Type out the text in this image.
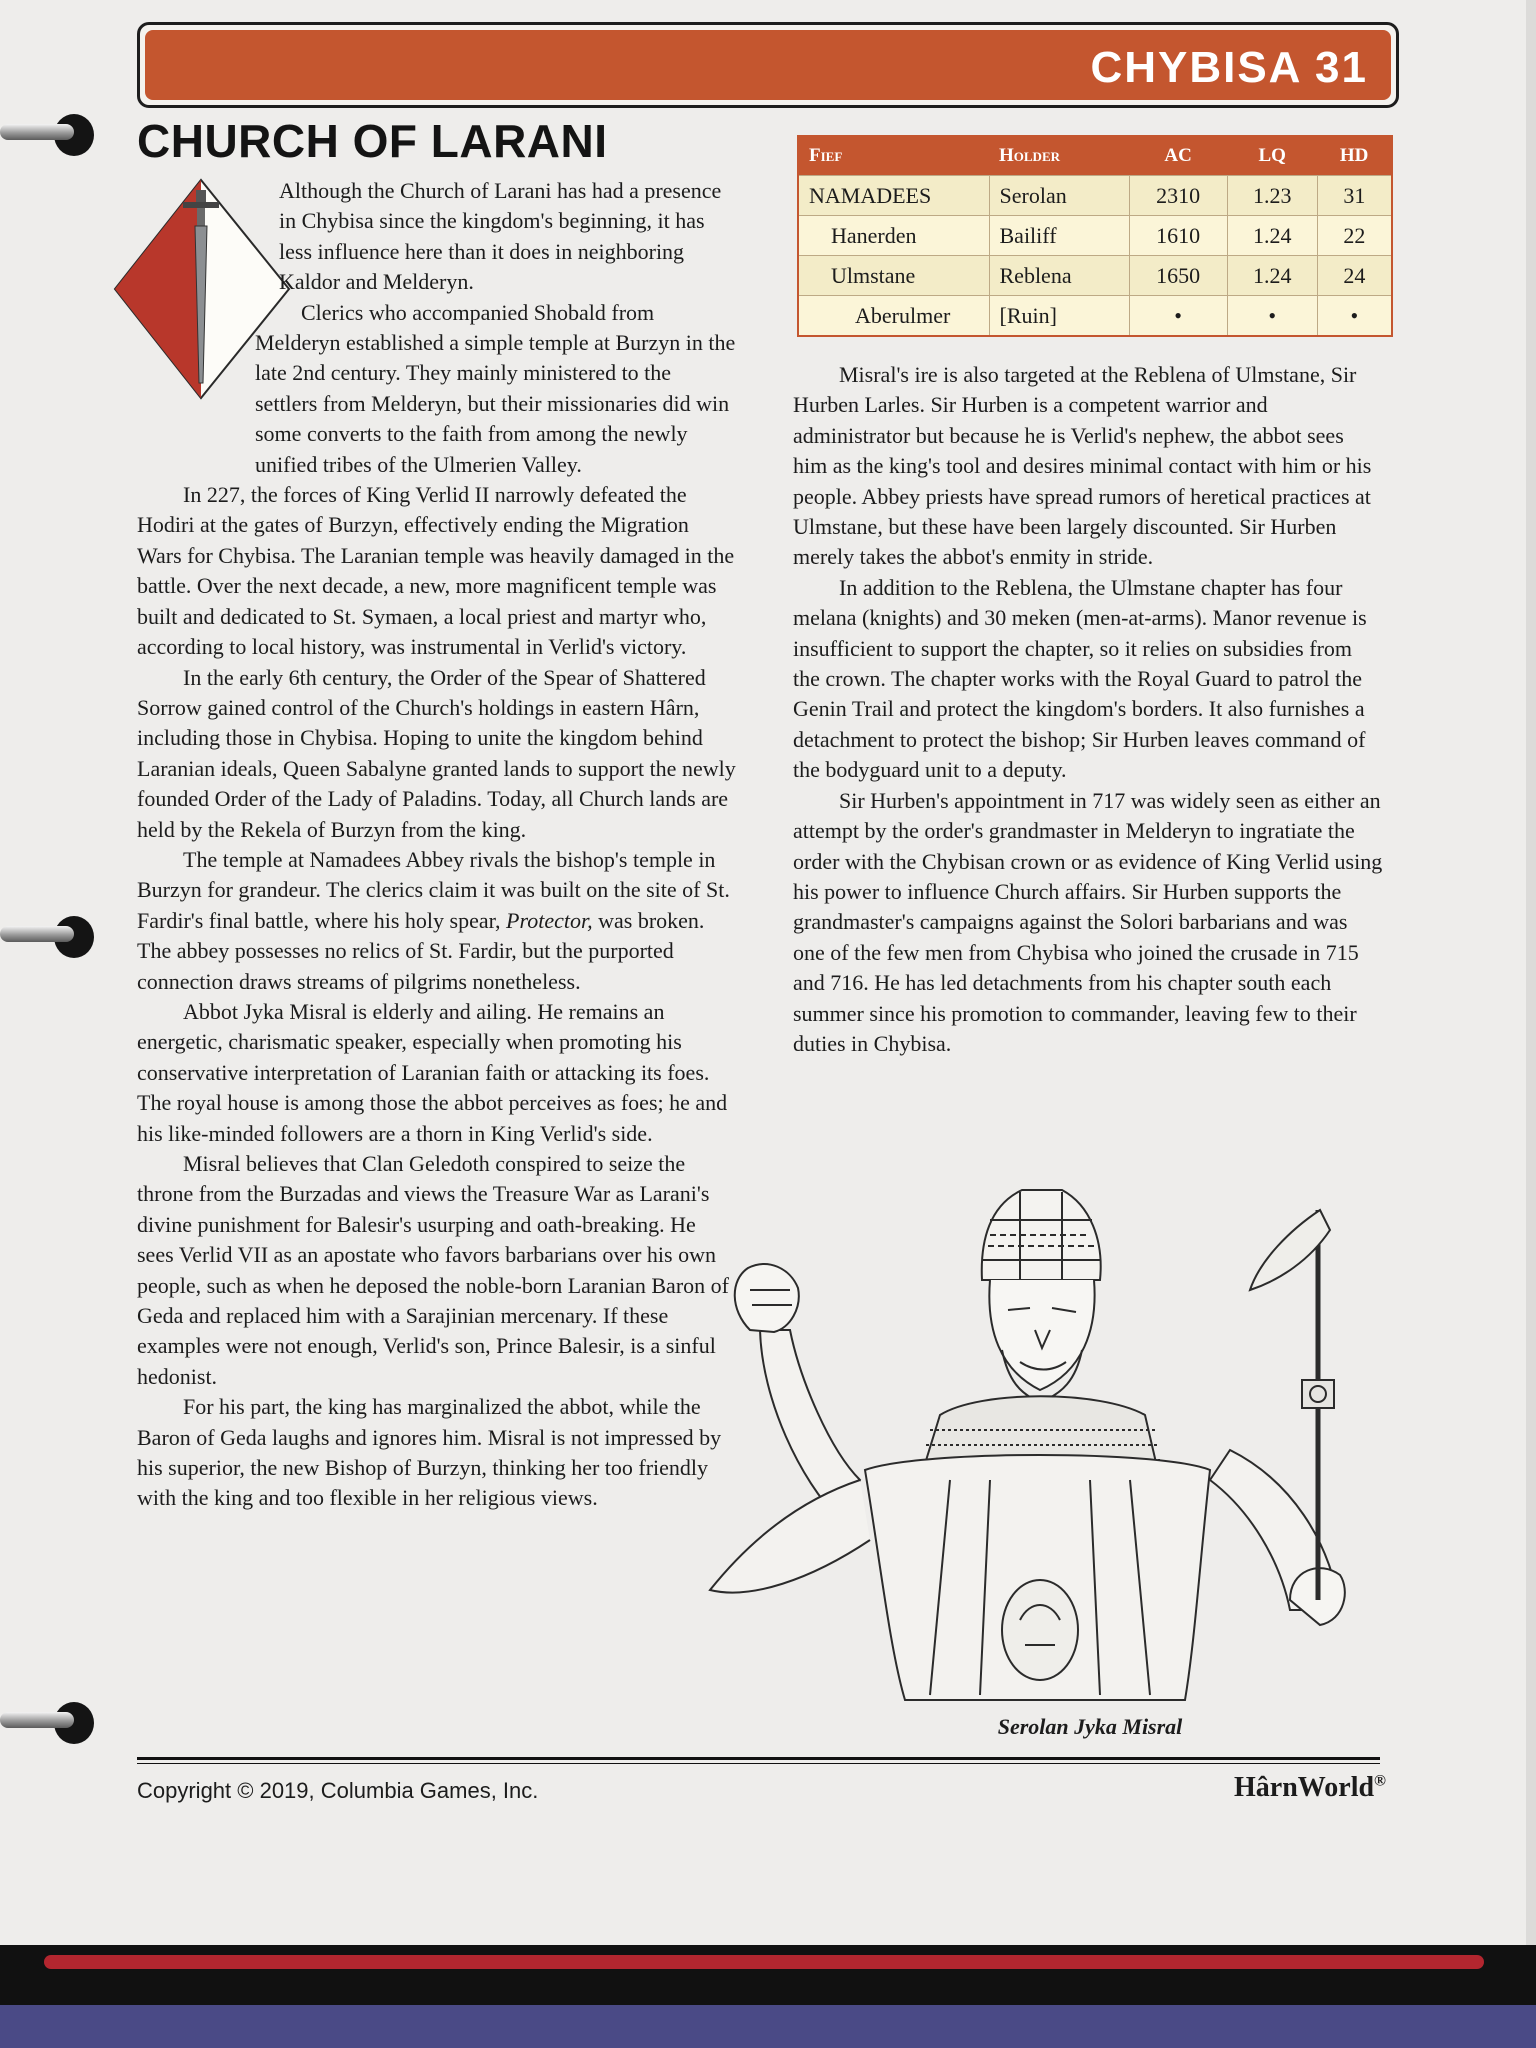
CHYBISA 31
CHURCH OF LARANI

Although the Church of Larani has had a presence in Chybisa since the kingdom's beginning, it has less influence here than it does in neighboring Kaldor and Melderyn.

Clerics who accompanied Shobald from Melderyn established a simple temple at Burzyn in the late 2nd century. They mainly ministered to the settlers from Melderyn, but their missionaries did win some converts to the faith from among the newly unified tribes of the Ulmerien Valley.

In 227, the forces of King Verlid II narrowly defeated the Hodiri at the gates of Burzyn, effectively ending the Migration Wars for Chybisa. The Laranian temple was heavily damaged in the battle. Over the next decade, a new, more magnificent temple was built and dedicated to St. Symaen, a local priest and martyr who, according to local history, was instrumental in Verlid's victory.

In the early 6th century, the Order of the Spear of Shattered Sorrow gained control of the Church's holdings in eastern Hârn, including those in Chybisa. Hoping to unite the kingdom behind Laranian ideals, Queen Sabalyne granted lands to support the newly founded Order of the Lady of Paladins. Today, all Church lands are held by the Rekela of Burzyn from the king.

The temple at Namadees Abbey rivals the bishop's temple in Burzyn for grandeur. The clerics claim it was built on the site of St. Fardir's final battle, where his holy spear, Protector, was broken. The abbey possesses no relics of St. Fardir, but the purported connection draws streams of pilgrims nonetheless.

Abbot Jyka Misral is elderly and ailing. He remains an energetic, charismatic speaker, especially when promoting his conservative interpretation of Laranian faith or attacking its foes. The royal house is among those the abbot perceives as foes; he and his like-minded followers are a thorn in King Verlid's side.

Misral believes that Clan Geledoth conspired to seize the throne from the Burzadas and views the Treasure War as Larani's divine punishment for Balesir's usurping and oath-breaking. He sees Verlid VII as an apostate who favors barbarians over his own people, such as when he deposed the noble-born Laranian Baron of Geda and replaced him with a Sarajinian mercenary. If these examples were not enough, Verlid's son, Prince Balesir, is a sinful hedonist.

For his part, the king has marginalized the abbot, while the Baron of Geda laughs and ignores him. Misral is not impressed by his superior, the new Bishop of Burzyn, thinking her too friendly with the king and too flexible in her religious views.

Fief	Holder	AC	LQ	HD
NAMADEES	Serolan	2310	1.23	31
Hanerden	Bailiff	1610	1.24	22
Ulmstane	Reblena	1650	1.24	24
Aberulmer	[Ruin]	•	•	•

Misral's ire is also targeted at the Reblena of Ulmstane, Sir Hurben Larles. Sir Hurben is a competent warrior and administrator but because he is Verlid's nephew, the abbot sees him as the king's tool and desires minimal contact with him or his people. Abbey priests have spread rumors of heretical practices at Ulmstane, but these have been largely discounted. Sir Hurben merely takes the abbot's enmity in stride.

In addition to the Reblena, the Ulmstane chapter has four melana (knights) and 30 meken (men-at-arms). Manor revenue is insufficient to support the chapter, so it relies on subsidies from the crown. The chapter works with the Royal Guard to patrol the Genin Trail and protect the kingdom's borders. It also furnishes a detachment to protect the bishop; Sir Hurben leaves command of the bodyguard unit to a deputy.

Sir Hurben's appointment in 717 was widely seen as either an attempt by the order's grandmaster in Melderyn to ingratiate the order with the Chybisan crown or as evidence of King Verlid using his power to influence Church affairs. Sir Hurben supports the grandmaster's campaigns against the Solori barbarians and was one of the few men from Chybisa who joined the crusade in 715 and 716. He has led detachments from his chapter south each summer since his promotion to commander, leaving few to their duties in Chybisa.

Serolan Jyka Misral
Copyright © 2019, Columbia Games, Inc.	HârnWorld®
